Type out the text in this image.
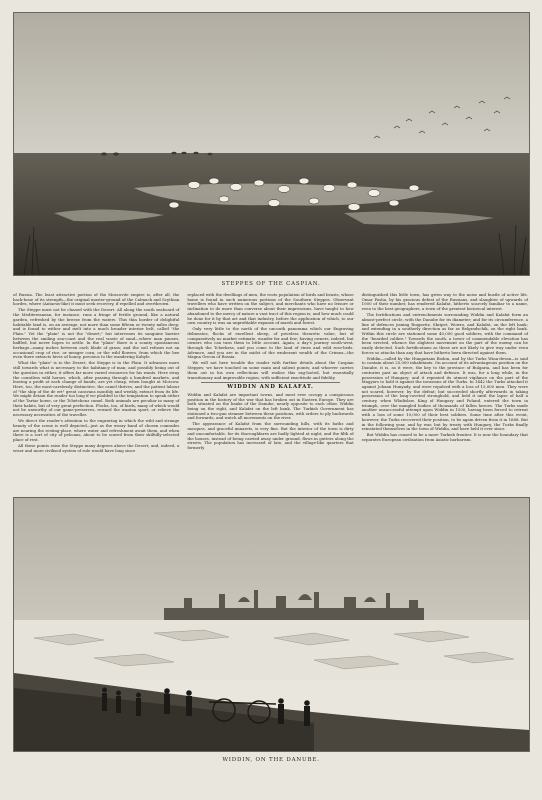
STEPPES OF THE CASPIAN.

of Russia. The least attractive portion of the Muscovite empire is, after all, the back-bone of its strength—the original muster-ground of the Calmuck and Scythian hordes, where (Antaeus-like) it must seek recovery, if repelled and overthrown.

The Steppe must not be classed with the Desert. All along the south seaboard of the Mediterranean, for instance, runs a fringe of fertile ground, like a natural garden, refreshed by the breeze from the waters. This thin border of delightful habitable land is, on an average, not more than some fifteen or twenty miles deep; and is found to wither and melt into a much broader interior belt, called "the Plain." Yet the "plain" is not the "desert;" but intervenes its sanguine barrier between the smiling sea-coast and the real waste of sand—where man pauses, baffled, but never hopes to settle. In the "plain" there is a scanty spontaneous herbage—many inches between each blade of grass; and the soil refuses not an occasional crop of rice, or meagre corn, or the wild flowers, from which the bee even there extracts hives of honey, precious to the wandering Kabyle.

What the "plain" is to the Desert, the Steppe is to the Plain. It advances more still towards what is necessary to the habitancy of man; and possibly being out of the question in either, it offers far more varied resources for his wants. Here stray the countless wild horses, which, after passing through a hundred markets, and leaving a profit at each change of hands, are yet cheap, when bought at Moscow. Here, too, the most-carelessly distinctive, the camel thrives; and the patient labour of "the ship of the de ert" great caravans monthly and weekly, extract from its life. We might detain the reader too long if we plodded to the temptation to speak either of the Tartar horse, or the Tchetchenz camel. Both animals are peculiar in many of their habits, but of very great perfection. Flocks, too, of birds, many of which would not be unworthy of our game-preserves, reward the wanton sport, or relieve the necessary necessities of the traveller.

We direct the reader's attention to the engraving in which the wild and strange beauty of the scene is well depicted—just as the weary band of chosen comrades are nearing the resting-place, where water and refreshment await them, and when there is a sort of city of pelicans, about to be scared from their skilfully-selected place of rest.

All these points raise the Steppe many degrees above the Desert; and, indeed, a wiser and more civilised system of rule would have long since

replaced with the dwellings of men, the roots population of birds and beasts, whose home is found in such numerous portions of the Southern Steppes. Observant travellers who have written on the subject, and merchants who have no leisure or inclination to do more than converse about their impressions, have taught to how abandoned to the mercy of nature a vast tract of this region is; and how much could be done for it by that art and that industry, before the application of which, to our own country is was an unprofitable expanse of marsh and forest.

Only very little to the north of the uncouth panorama which our Engraving delineates, flocks of excellent sheep, of priceless theoretic value, but of comparatively no market estimate, wander far and few; having owners, indeed, but owners who can turn them to little account. Again, a day's journey south-west, through the Tcherkess, and you come to the land of vines and wild rose-beds. Advance, and you are in the midst of the exuberant wealth of the Crimea—the Magna Grecia of Russia.

We will not here trouble the reader with further details about the Caspian Steppes; we have touched on some main and salient points; and whoever carries them out in his own reflections will realise this rag-looted, but essentially transitionary and improvable region, with sufficient exactitude and fidelity.

WIDDIN AND KALAFAT.

Widdin and Kalafat are important towns, and must ever occupy a conspicuous position in the history of the war that has broken out in Eastern Europe. They are both situated on the banks of the Danube, nearly opposite to each other, Widdin being on the right, and Kalafat on the left bank. The Turkish Government has stationed a two-gun steamer between these positions, with orders to ply backwards and forwards, and watch all movements on the river.

The appearance of Kalafat from the surrounding hills, with its baths and mosques, and graceful minarets, is very fine. But the interior of the town is dirty and uncomfortable, for its thoroughfares are badly lighted at night, and the filth of the houses, instead of being carried away under ground, flows in gutters along the streets. The population has increased of late, and the village-like quarters that formerly

distinguished this little town, has given way to the noise and bustle of active life. Omar Pasha, by his gracious defeat of the Russians, and slaughter of upwards of 1000 of their number, has rendered Kalafat, hitherto scarcely familiar to a name, even to the best geographers, a town of the greatest historical interest.

The fortifications and entrenchments surrounding Widdin and Kalafat form an almost-perfect circle, with the Danube for its diameter; and for its circumference, a line of defences joining Ruigavitz, Skripet, Wowro, and Kalafat, on the left bank; and extending in a southerly direction as far as Belgradschik, on the right bank. Within this circle are stationed some 40,000 good soldiers, with the command of the "bearded calibre." Towards the south, a tower of commendable elevation has been erected, whence the slightest movement on the part of the enemy can be easily detected. Such fortifications as these are not likely to give way under even forces so attacks than any that have hitherto been directed against them.

Widdin—called by the Hungarians Bodon, and by the Turks Wina-devan—is said to contain about 25,000 inhabitants. On account of its advantageous position on the Danube, it is, as it were, the key to the province of Bulgaria, and has been for centuries past an object of attack and defence. It was, for a long while, in the possession of Hungary; and it repeated its utmost vigilance on the part of the Magyars to hold it against the invasions of the Turks. In 1442 the Turks attacked it against Johann Hunyady, and were repulsed with a loss of 15,000 men. They were not scared, however, by the defeat; but succeeded shortly afterwards in taking possession of the long-coveted stronghold, and held it until the lapse of half a century, when Wladislaw, King of Hungary and Poland, entered the town in triumph, over the mangled bodies of thousands of fallen heroes. The Turks made another unsuccessful attempt upon Widdin in 1500, having been forced to retreat with a loss of some 10,000 of their best soldiers. Some time after this event, however, the Turks recovered their position, to be again driven from it in 1688. But in the following year, and by war, but by treaty with Hungary, the Turks finally reinstated themselves in the town of Widdin, and have held it ever since.

But Widdin has ceased to be a more Turkish frontier. It is now the boundary that separates European civilisation from Asiatic barbarism.

WIDDIN, ON THE DANUBE.
